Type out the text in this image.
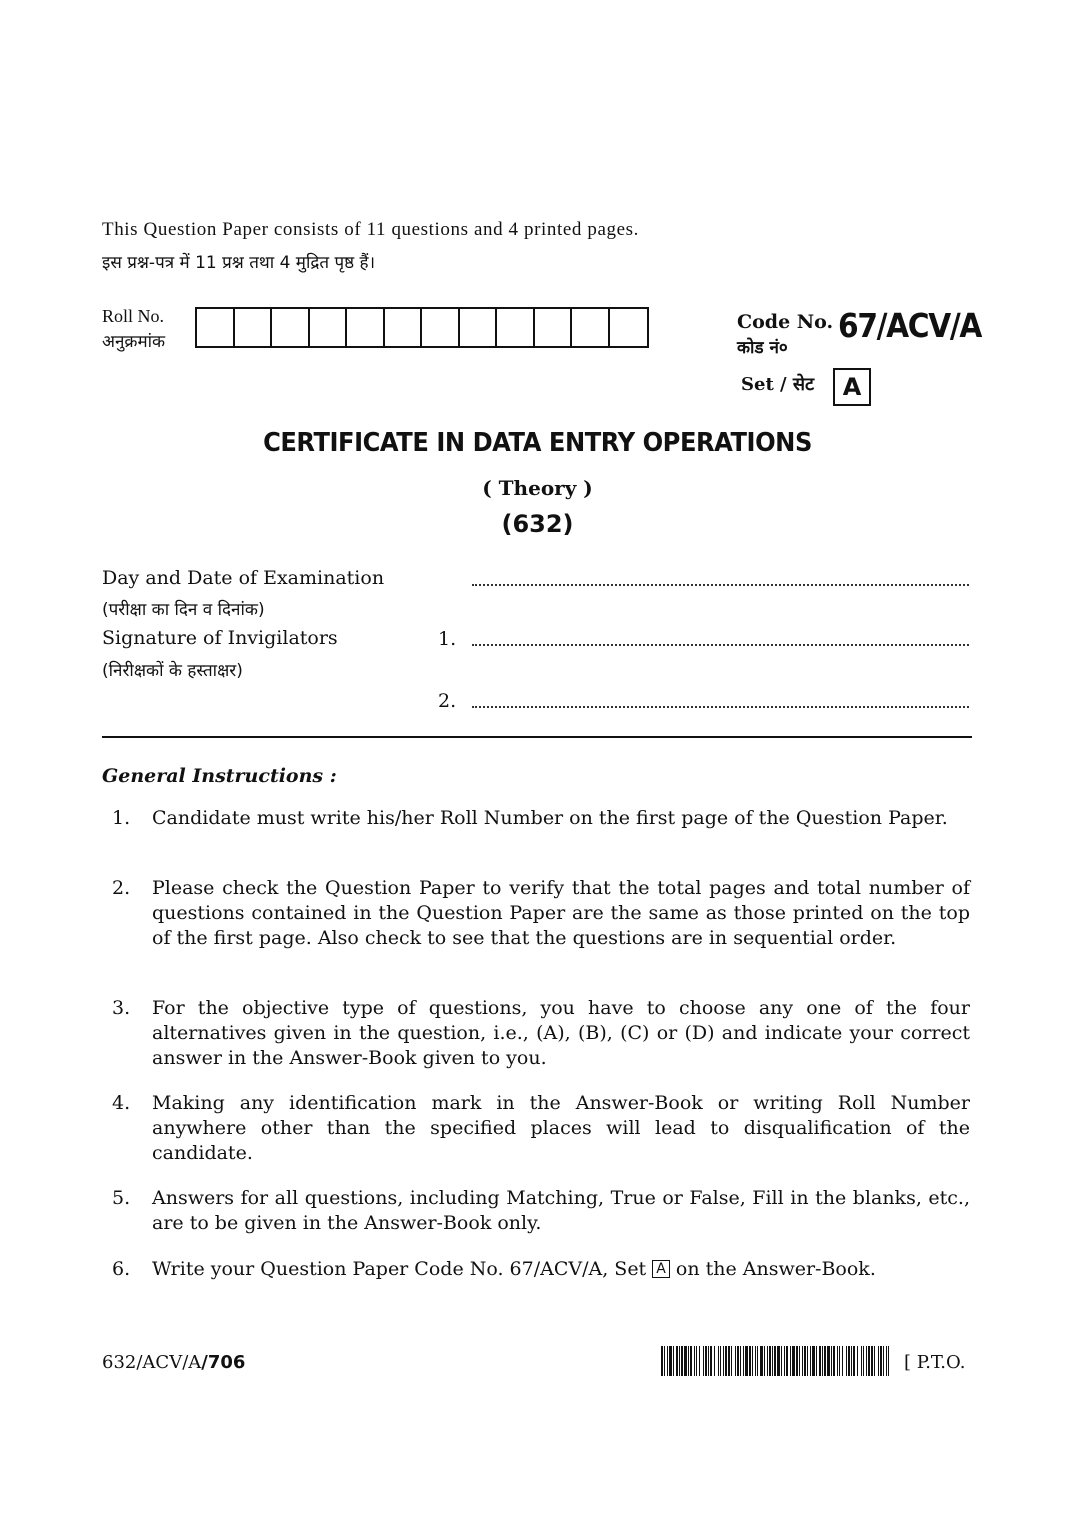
This Question Paper consists of 11 questions and 4 printed pages.
इस प्रश्न-पत्र में 11 प्रश्न तथा 4 मुद्रित पृष्ठ हैं।
Roll No.
अनुक्रमांक
Code No.
कोड नं०
67/ACV/A
Set / सेट	A
CERTIFICATE IN DATA ENTRY OPERATIONS
( Theory )
(632)
Day and Date of Examination
(परीक्षा का दिन व दिनांक)
Signature of Invigilators
(निरीक्षकों के हस्ताक्षर)
1.
2.
General Instructions :
1.	Candidate must write his/her Roll Number on the first page of the Question Paper.
2.	Please check the Question Paper to verify that the total pages and total number of questions contained in the Question Paper are the same as those printed on the top of the first page. Also check to see that the questions are in sequential order.
3.	For the objective type of questions, you have to choose any one of the four alternatives given in the question, i.e., (A), (B), (C) or (D) and indicate your correct answer in the Answer-Book given to you.
4.	Making any identification mark in the Answer-Book or writing Roll Number anywhere other than the specified places will lead to disqualification of the candidate.
5.	Answers for all questions, including Matching, True or False, Fill in the blanks, etc., are to be given in the Answer-Book only.
6.	Write your Question Paper Code No. 67/ACV/A, Set A on the Answer-Book.
632/ACV/A/706	[ P.T.O.
